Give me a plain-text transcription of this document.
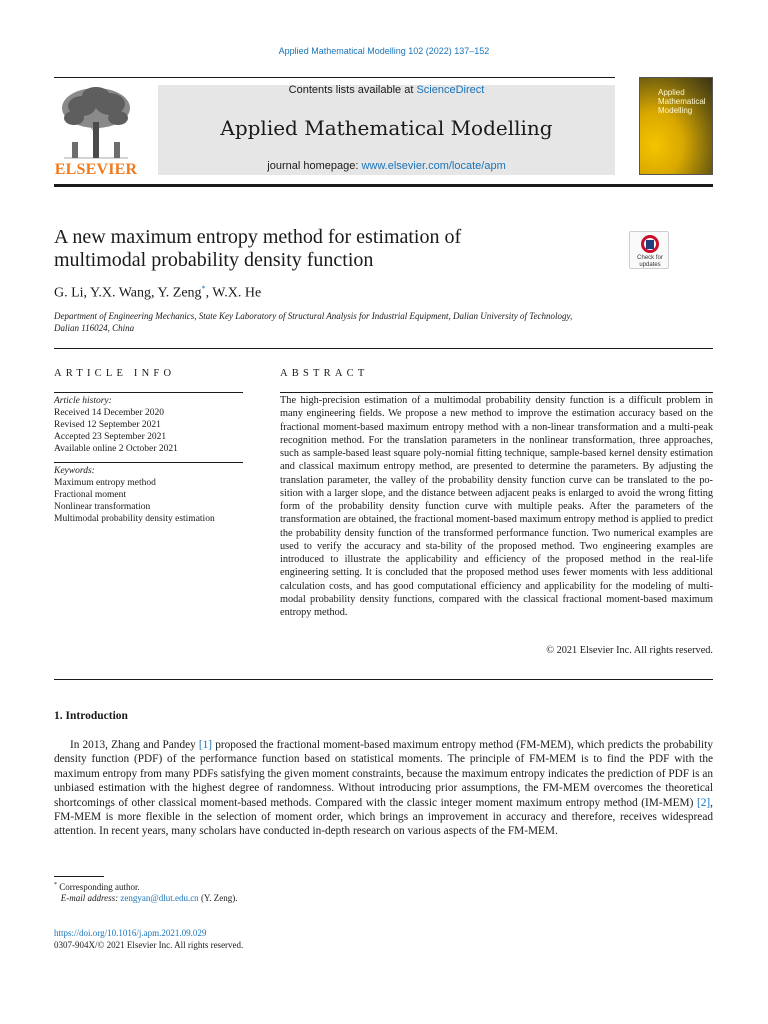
Applied Mathematical Modelling 102 (2022) 137–152
ELSEVIER
Contents lists available at ScienceDirect
Applied Mathematical Modelling
journal homepage: www.elsevier.com/locate/apm
Applied
Mathematical
Modelling
A new maximum entropy method for estimation of
multimodal probability density function	Check for
updates
G. Li, Y.X. Wang, Y. Zeng*, W.X. He
Department of Engineering Mechanics, State Key Laboratory of Structural Analysis for Industrial Equipment, Dalian University of Technology, Dalian 116024, China
ARTICLE INFO
Article history:
Received 14 December 2020
Revised 12 September 2021
Accepted 23 September 2021
Available online 2 October 2021
Keywords:
Maximum entropy method
Fractional moment
Nonlinear transformation
Multimodal probability density estimation
ABSTRACT
The high-precision estimation of a multimodal probability density function is a difficult problem in many engineering fields. We propose a new method to improve the estimation accuracy based on the fractional moment-based maximum entropy method with a non-linear transformation and a multi-peak recognition method. For the translation parameters in the nonlinear transformation, three approaches, such as sample-based least square poly-nomial fitting technique, sample-based kernel density estimation and classical maximum entropy method, are presented to determine the parameters. By adjusting the translation parameter, the valley of the probability density function curve can be translated to the po-sition with a larger slope, and the distance between adjacent peaks is enlarged to avoid the wrong fitting form of the probability density function curve with multiple peaks. After the parameters of the transformation are obtained, the fractional moment-based maximum entropy method is applied to predict the probability density function of the transformed performance function. Two numerical examples are used to verify the accuracy and sta-bility of the proposed method. Two engineering examples are introduced to illustrate the applicability and efficiency of the proposed method in the real-life engineering setting. It is concluded that the proposed method uses fewer moments with less additional calculation costs, and has good computational efficiency and applicability for the modeling of multi-modal probability density functions, compared with the classical fractional moment-based maximum entropy method.
© 2021 Elsevier Inc. All rights reserved.
1. Introduction
In 2013, Zhang and Pandey [1] proposed the fractional moment-based maximum entropy method (FM-MEM), which predicts the probability density function (PDF) of the performance function based on statistical moments. The principle of FM-MEM is to find the PDF with the maximum entropy from many PDFs satisfying the given moment constraints, because the maximum entropy indicates the prediction of PDF is an unbiased estimation with the highest degree of randomness. Without introducing prior assumptions, the FM-MEM overcomes the theoretical shortcomings of other classical moment-based methods. Compared with the classic integer moment maximum entropy method (IM-MEM) [2], FM-MEM is more flexible in the selection of moment order, which brings an improvement in accuracy and therefore, receives widespread attention. In recent years, many scholars have conducted in-depth research on various aspects of the FM-MEM.
* Corresponding author.
E-mail address: zengyan@dlut.edu.cn (Y. Zeng).
https://doi.org/10.1016/j.apm.2021.09.029
0307-904X/© 2021 Elsevier Inc. All rights reserved.
